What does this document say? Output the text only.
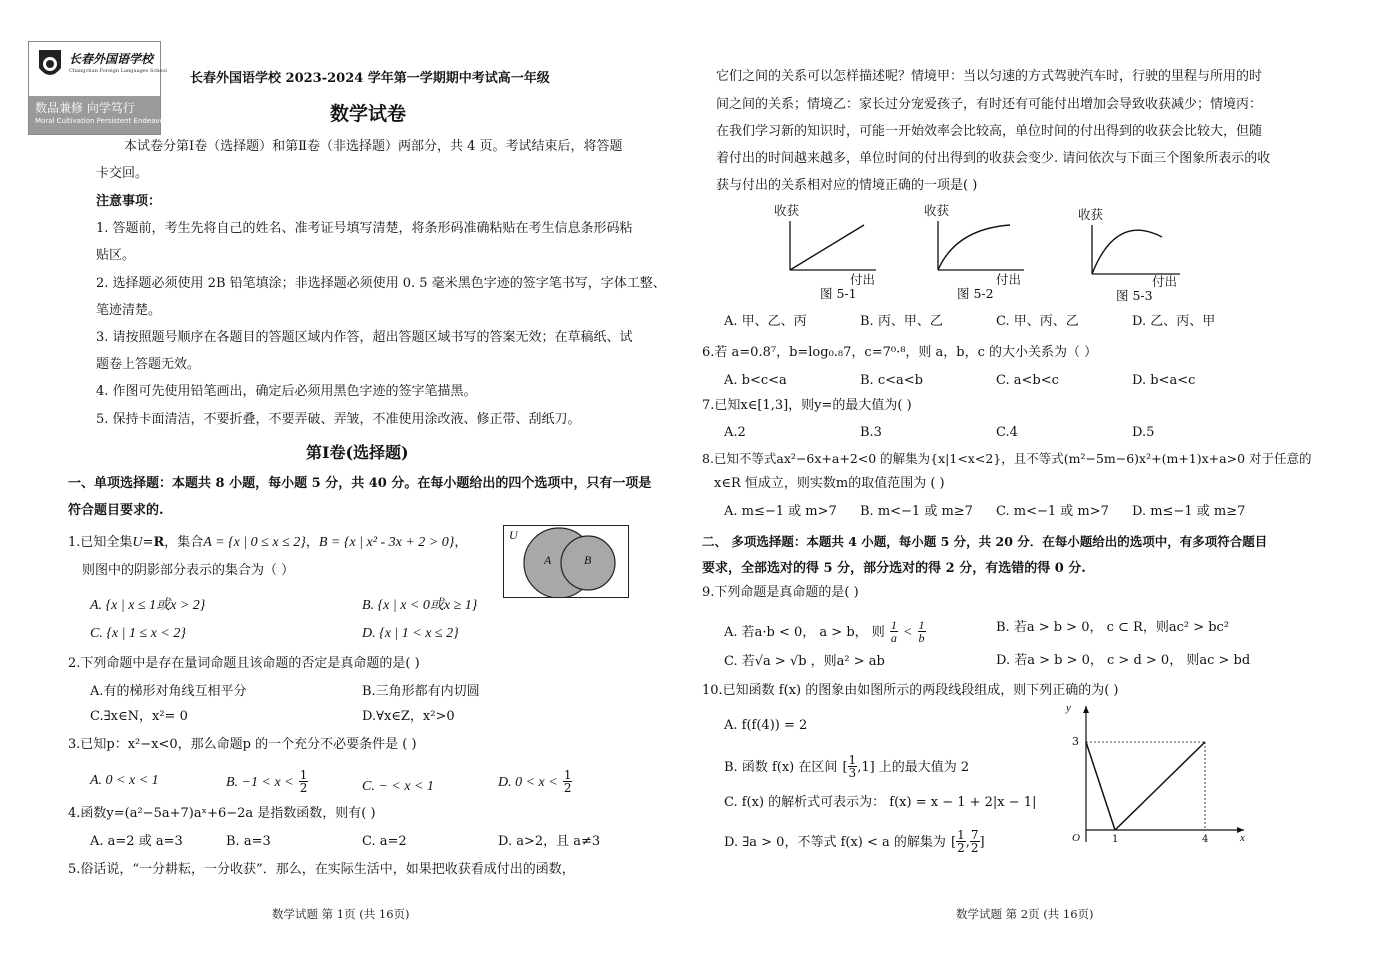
长春外国语学校
Changchun Foreign Languages School
数品兼修 向学笃行
Moral Cultivation Persistent Endeavor
长春外国语学校 2023-2024 学年第一学期期中考试高一年级
数学试卷
本试卷分第Ⅰ卷（选择题）和第Ⅱ卷（非选择题）两部分，共 4 页。考试结束后，将答题
卡交回。
注意事项：
1. 答题前，考生先将自己的姓名、准考证号填写清楚，将条形码准确粘贴在考生信息条形码粘
贴区。
2. 选择题必须使用 2B 铅笔填涂；非选择题必须使用 0. 5 毫米黑色字迹的签字笔书写，字体工整、
笔迹清楚。
3. 请按照题号顺序在各题目的答题区域内作答，超出答题区域书写的答案无效；在草稿纸、试
题卷上答题无效。
4. 作图可先使用铅笔画出，确定后必须用黑色字迹的签字笔描黑。
5. 保持卡面清洁，不要折叠，不要弄破、弄皱，不准使用涂改液、修正带、刮纸刀。
第Ⅰ卷(选择题)
一、单项选择题：本题共 8 小题，每小题 5 分，共 40 分。在每小题给出的四个选项中，只有一项是
符合题目要求的.
1.已知全集U=R，集合A = {x | 0 ≤ x ≤ 2}，B = {x | x² - 3x + 2 > 0}，
则图中的阴影部分表示的集合为（ ）
A. {x | x ≤ 1或x > 2}	B. {x | x < 0或x ≥ 1}
C. {x | 1 ≤ x < 2}	D. {x | 1 < x ≤ 2}
U
A	B
2.下列命题中是存在量词命题且该命题的否定是真命题的是( )
A.有的梯形对角线互相平分	B.三角形都有内切圆
C.∃x∈N，x²= 0	D.∀x∈Z，x²>0
3.已知p：x²−x<0，那么命题p 的一个充分不必要条件是 ( )
A. 0 < x < 1	B. $-1 < x < \frac{1}{2}$	C. − < x < 1	D. $0 < x < \frac{1}{2}$
4.函数y=(a²−5a+7)aˣ+6−2a 是指数函数，则有( )
A. a=2 或 a=3	B. a=3	C. a=2	D. a>2，且 a≠3
5.俗话说，“一分耕耘，一分收获”．那么，在实际生活中，如果把收获看成付出的函数，
数学试题 第 1页 (共 16页)
它们之间的关系可以怎样描述呢？情境甲：当以匀速的方式驾驶汽车时，行驶的里程与所用的时
间之间的关系；情境乙：家长过分宠爱孩子，有时还有可能付出增加会导致收获减少；情境丙：
在我们学习新的知识时，可能一开始效率会比较高，单位时间的付出得到的收获会比较大，但随
着付出的时间越来越多，单位时间的付出得到的收获会变少. 请问依次与下面三个图象所表示的收
获与付出的关系相对应的情境正确的一项是( )
收获
付出
图 5-1
收获
付出
图 5-2
收获
付出
图 5-3
A. 甲、乙、丙	B. 丙、甲、乙	C. 甲、丙、乙	D. 乙、丙、甲
6.若 a=0.8⁷，b=log₀.₈7，c=7⁰·⁸，则 a，b，c 的大小关系为（ ）
A. b<c<a	B. c<a<b	C. a<b<c	D. b<a<c
7.已知x∈[1,3]，则y=的最大值为( )
A.2	B.3	C.4	D.5
8.已知不等式ax²−6x+a+2<0 的解集为{x|1<x<2}，且不等式(m²−5m−6)x²+(m+1)x+a>0 对于任意的
x∈R 恒成立，则实数m的取值范围为 ( )
A. m≤−1 或 m>7 B. m<−1 或 m≥7 C. m<−1 或 m>7 D. m≤−1 或 m≥7
二、 多项选择题：本题共 4 小题，每小题 5 分，共 20 分．在每小题给出的选项中，有多项符合题目
要求，全部选对的得 5 分，部分选对的得 2 分，有选错的得 0 分.
9.下列命题是真命题的是( )
A. 若a·b < 0， a > b， 则 $\frac{1}{a} < \frac{1}{b}$	B. 若a > b > 0， c ⊂ R，则ac² > bc²
C. 若√a > √b ，则a² > ab	D. 若a > b > 0， c > d > 0， 则ac > bd
10.已知函数 f(x) 的图象由如图所示的两段线段组成，则下列正确的为( )
A. f(f(4)) = 2
B. 函数 f(x) 在区间 [ $\frac{1}{3} ,1$] 上的最大值为 2
C. f(x) 的解析式可表示为： f(x) = x − 1 + 2|x − 1|
D. ∃a > 0，不等式 f(x) < a 的解集为 [ $\frac{1}{2}$ , $\frac{7}{2}$ ]
y
x
O
3
1	4
数学试题 第 2页 (共 16页)
